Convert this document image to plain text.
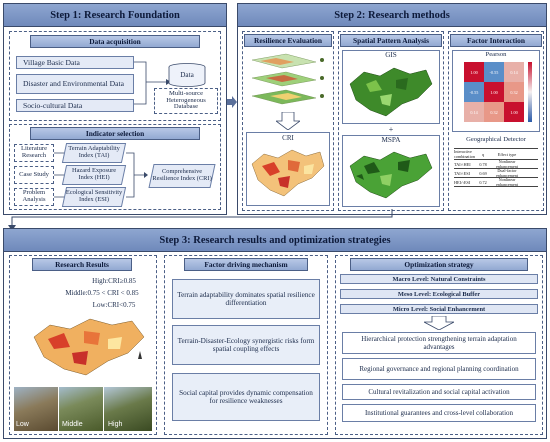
Step 1: Research Foundation
Data acquisition
Village Basic Data
Disaster and Environmental Data
Socio-cultural Data
Data
Multi-source Heterogeneous Database
Indicator selection
Literature Research
Case Study
Problem Analysis
Terrain Adaptability Index (TAI)
Hazard Exposure Index (HEI)
Ecological Sensitivity Index (ESI)
Comprehensive Resilience Index (CRI)
Step 2: Research methods
Resilience Evaluation
CRI
Spatial Pattern Analysis
GIS
+
MSPA
Factor Interaction
Pearson
1.00	-0.55	0.14
-0.55	1.00	0.32
0.14	0.32	1.00
Geographical Detector
Interactive combination	q	Effect type
TAI∩HEI	0.78	Nonlinear enhancement
TAI∩ESI	0.69	Dual-factor enhancement
HEI∩ESI	0.72	Nonlinear enhancement
Step 3: Research results and optimization strategies
Research Results
High:CRI≥0.85
Middle:0.75 < CRI < 0.85
Low:CRI<0.75
Low	Middle	High
Factor driving mechanism
Terrain adaptability dominates spatial resilience differentiation
Terrain-Disaster-Ecology synergistic risks form spatial coupling effects
Social capital provides dynamic compensation for resilience weaknesses
Optimization strategy
Macro Level: Natural Constraints
Meso Level: Ecological Buffer
Micro Level: Social Enhancement
Hierarchical protection strengthening terrain adaptation advantages
Regional governance and regional planning coordination
Cultural revitalization and social capital activation
Institutional guarantees and cross-level collaboration
